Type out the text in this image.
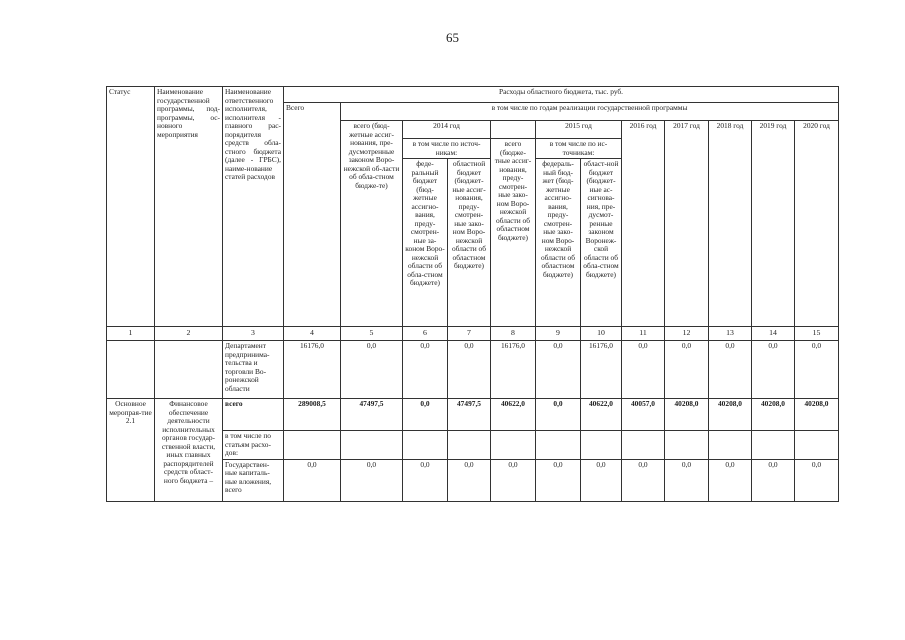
65
Статус	Наименование государственной программы, под-программы, ос-новного мероприятия	Наименование ответственного исполнителя, исполнителя - главного рас-порядителя средств обла-стного бюджета (далее - ГРБС), наиме-нование статей расходов	Расходы областного бюджета, тыс. руб.											
			Всего	в том числе по годам реализации государственной программы										
				всего (бюд-жетные ассиг-нования, пре-дусмотренные законом Воро-нежской об-ласти об обла-стном бюдже-те)	2014 год			2015 год		2016 год	2017 год	2018 год	2019 год	2020 год
					в том числе по источ-никам:		всего (бюдже-тные ассиг-нования, преду-смотрен-ные зако-ном Воро-нежской области об областном бюджете)	в том числе по ис-точникам:						
					феде-ральный бюджет (бюд-жетные ассигно-вания, преду-смотрен-ные за-коном Воро-нежской области об обла-стном бюджете)	областной бюджет (бюджет-ные ассиг-нования, преду-смотрен-ные зако-ном Воро-нежской области об областном бюджете)		федераль-ный бюд-жет (бюд-жетные ассигно-вания, преду-смотрен-ные зако-ном Воро-нежской области об областном бюджете)	област-ной бюджет (бюджет-ные ас-сигнова-ния, пре-дусмот-ренные законом Воронеж-ской области об обла-стном бюджете)					
1	2	3	4	5	6	7	8	9	10	11	12	13	14	15
		Департамент предпринима-тельства и торговли Во-ронежской области	16176,0	0,0	0,0	0,0	16176,0	0,0	16176,0	0,0	0,0	0,0	0,0	0,0
Основное меропрая-тие 2.1	Финансовое обеспечение деятельности исполнительных органов государ-ственной власти, иных главных распорядителей средств област-ного бюджета –	всего	289008,5	47497,5	0,0	47497,5	40622,0	0,0	40622,0	40057,0	40208,0	40208,0	40208,0	40208,0
		в том числе по статьям расхо-дов:												
		Государствен-ные капиталь-ные вложения, всего	0,0	0,0	0,0	0,0	0,0	0,0	0,0	0,0	0,0	0,0	0,0	0,0
